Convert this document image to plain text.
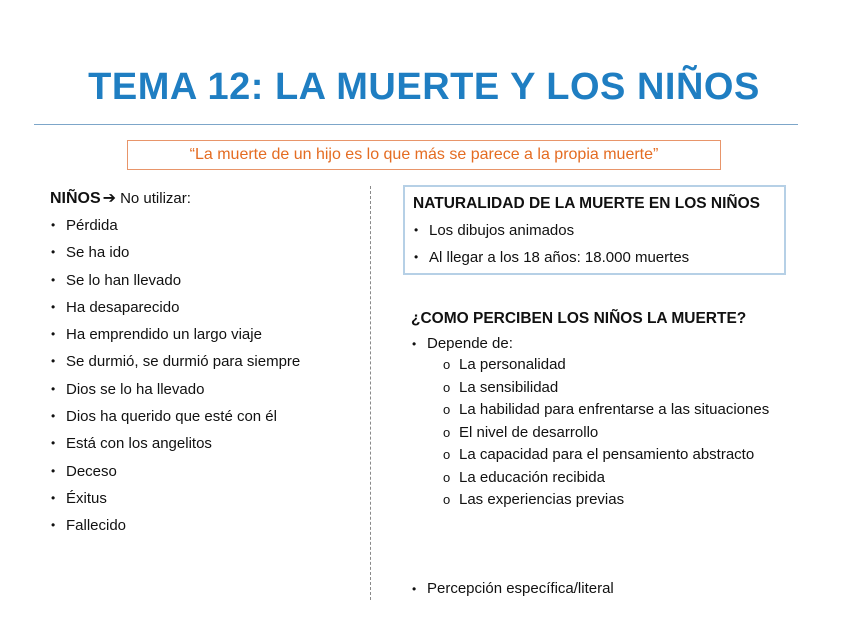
TEMA 12: LA MUERTE Y LOS NIÑOS
“La muerte de un hijo es lo que más se parece a la propia muerte”
NIÑOS ➔ No utilizar:
• Pérdida
• Se ha ido
• Se lo han llevado
• Ha desaparecido
• Ha emprendido un largo viaje
• Se durmió, se durmió para siempre
• Dios se lo ha llevado
• Dios ha querido que esté con él
• Está con los angelitos
• Deceso
• Éxitus
• Fallecido
NATURALIDAD DE LA MUERTE EN LOS NIÑOS
• Los dibujos animados
• Al llegar a los 18 años: 18.000 muertes
¿COMO PERCIBEN LOS NIÑOS LA MUERTE?
• Depende de:
o La personalidad
o La sensibilidad
o La habilidad para enfrentarse a las situaciones
o El nivel de desarrollo
o La capacidad para el pensamiento abstracto
o La educación recibida
o Las experiencias previas
• Percepción específica/literal
